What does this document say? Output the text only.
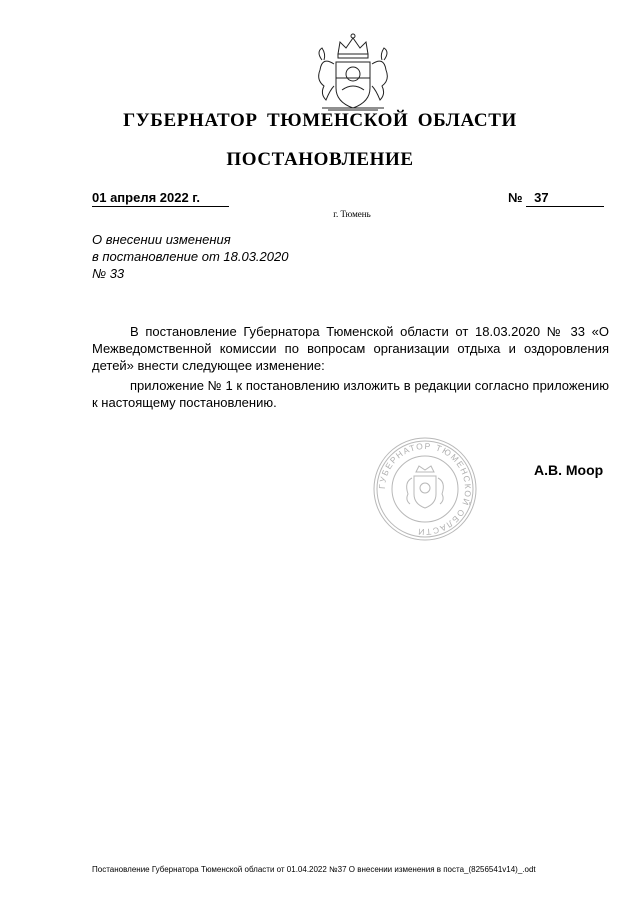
ГУБЕРНАТОР ТЮМЕНСКОЙ ОБЛАСТИ
ПОСТАНОВЛЕНИЕ
01 апреля 2022 г.	№ 37
г. Тюмень
О внесении изменения
в постановление от 18.03.2020
№ 33

В постановление Губернатора Тюменской области от 18.03.2020 № 33 «О Межведомственной комиссии по вопросам организации отдыха и оздоровления детей» внести следующее изменение:

приложение № 1 к постановлению изложить в редакции согласно приложению к настоящему постановлению.

ГУБЕРНАТОР ТЮМЕНСКОЙ ОБЛАСТИ
А.В. Моор
Постановление Губернатора Тюменской области от 01.04.2022 №37 О внесении изменения в поста_(8256541v14)_.odt
